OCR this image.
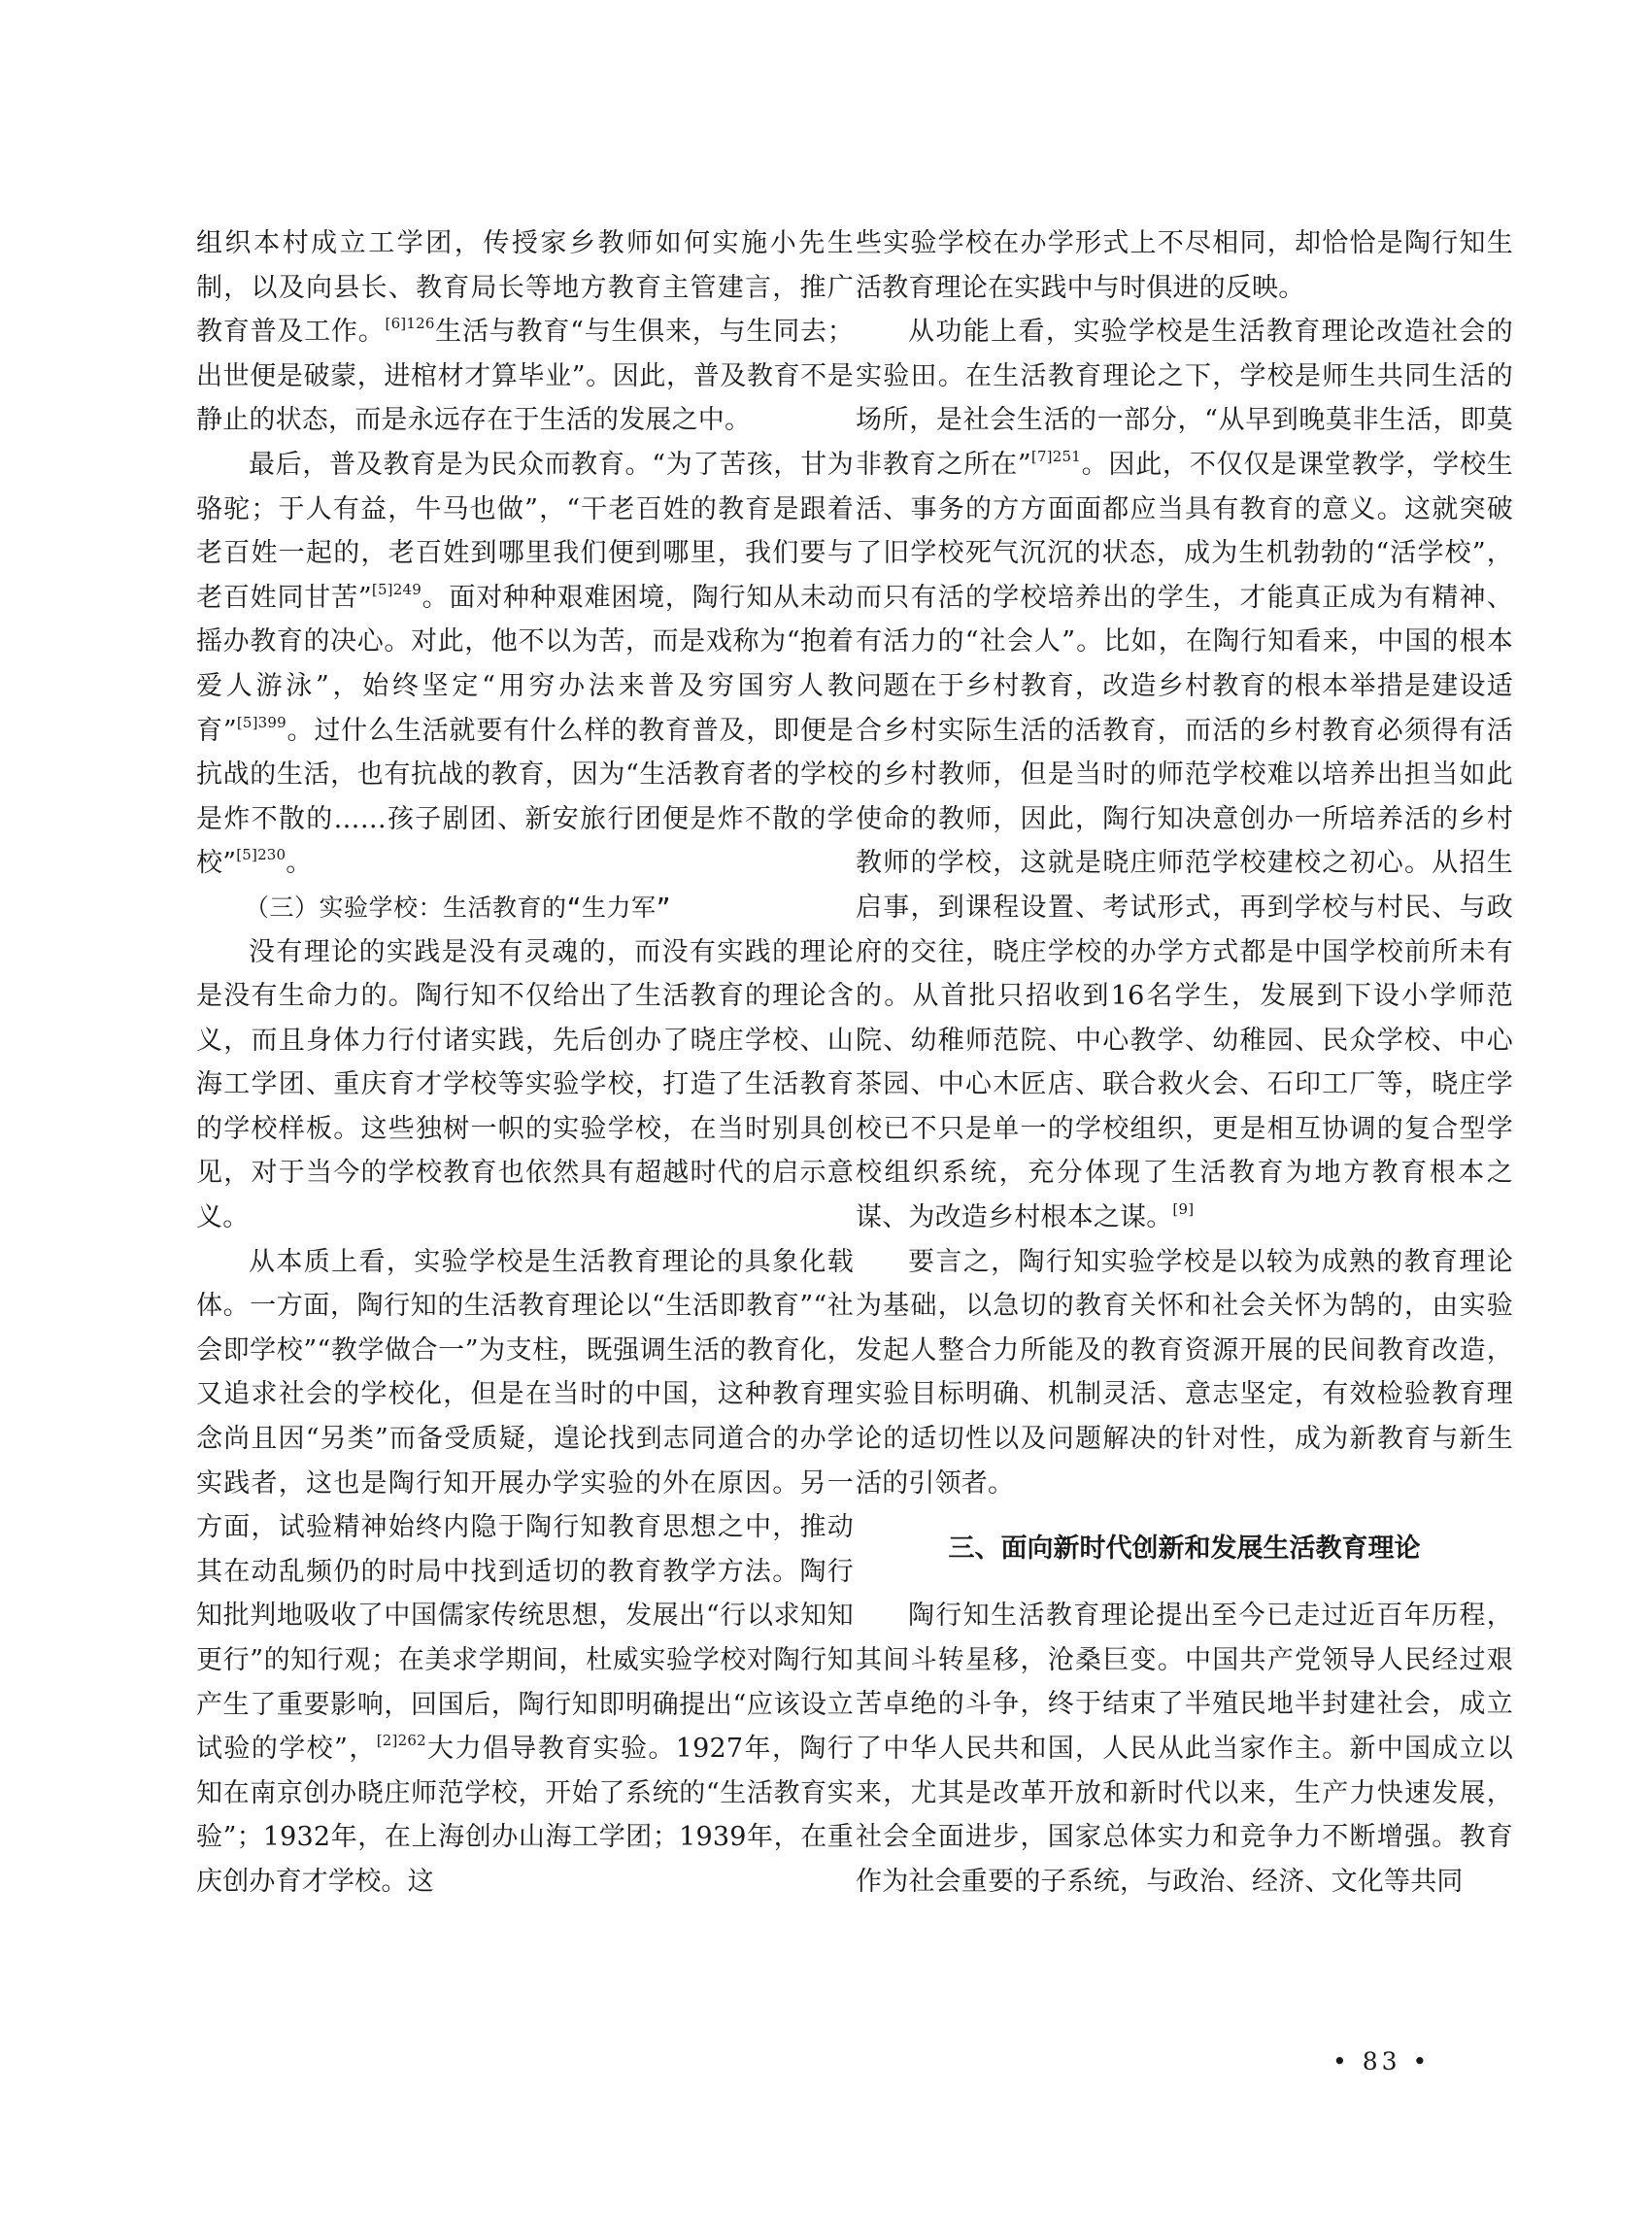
组织本村成立工学团，传授家乡教师如何实施小先生制，以及向县长、教育局长等地方教育主管建言，推广教育普及工作。$^{[6]126}$生活与教育“与生俱来，与生同去；出世便是破蒙，进棺材才算毕业”。因此，普及教育不是静止的状态，而是永远存在于生活的发展之中。

最后，普及教育是为民众而教育。“为了苦孩，甘为骆驼；于人有益，牛马也做”，“干老百姓的教育是跟着老百姓一起的，老百姓到哪里我们便到哪里，我们要与老百姓同甘苦”$^{[5]249}$。面对种种艰难困境，陶行知从未动摇办教育的决心。对此，他不以为苦，而是戏称为“抱着爱人游泳”，始终坚定“用穷办法来普及穷国穷人教育”$^{[5]399}$。过什么生活就要有什么样的教育普及，即便是抗战的生活，也有抗战的教育，因为“生活教育者的学校是炸不散的……孩子剧团、新安旅行团便是炸不散的学校”$^{[5]230}$。

（三）实验学校：生活教育的“生力军”

没有理论的实践是没有灵魂的，而没有实践的理论是没有生命力的。陶行知不仅给出了生活教育的理论含义，而且身体力行付诸实践，先后创办了晓庄学校、山海工学团、重庆育才学校等实验学校，打造了生活教育的学校样板。这些独树一帜的实验学校，在当时别具创见，对于当今的学校教育也依然具有超越时代的启示意义。

从本质上看，实验学校是生活教育理论的具象化载体。一方面，陶行知的生活教育理论以“生活即教育”“社会即学校”“教学做合一”为支柱，既强调生活的教育化，又追求社会的学校化，但是在当时的中国，这种教育理念尚且因“另类”而备受质疑，遑论找到志同道合的办学实践者，这也是陶行知开展办学实验的外在原因。另一方面，试验精神始终内隐于陶行知教育思想之中，推动其在动乱频仍的时局中找到适切的教育教学方法。陶行知批判地吸收了中国儒家传统思想，发展出“行以求知知更行”的知行观；在美求学期间，杜威实验学校对陶行知产生了重要影响，回国后，陶行知即明确提出“应该设立试验的学校”，$^{[2]262}$大力倡导教育实验。1927年，陶行知在南京创办晓庄师范学校，开始了系统的“生活教育实验”；1932年，在上海创办山海工学团；1939年，在重庆创办育才学校。这

些实验学校在办学形式上不尽相同，却恰恰是陶行知生活教育理论在实践中与时俱进的反映。

从功能上看，实验学校是生活教育理论改造社会的实验田。在生活教育理论之下，学校是师生共同生活的场所，是社会生活的一部分，“从早到晚莫非生活，即莫非教育之所在”$^{[7]251}$。因此，不仅仅是课堂教学，学校生活、事务的方方面面都应当具有教育的意义。这就突破了旧学校死气沉沉的状态，成为生机勃勃的“活学校”，而只有活的学校培养出的学生，才能真正成为有精神、有活力的“社会人”。比如，在陶行知看来，中国的根本问题在于乡村教育，改造乡村教育的根本举措是建设适合乡村实际生活的活教育，而活的乡村教育必须得有活的乡村教师，但是当时的师范学校难以培养出担当如此使命的教师，因此，陶行知决意创办一所培养活的乡村教师的学校，这就是晓庄师范学校建校之初心。从招生启事，到课程设置、考试形式，再到学校与村民、与政府的交往，晓庄学校的办学方式都是中国学校前所未有的。从首批只招收到16名学生，发展到下设小学师范院、幼稚师范院、中心教学、幼稚园、民众学校、中心茶园、中心木匠店、联合救火会、石印工厂等，晓庄学校已不只是单一的学校组织，更是相互协调的复合型学校组织系统，充分体现了生活教育为地方教育根本之谋、为改造乡村根本之谋。[9]

要言之，陶行知实验学校是以较为成熟的教育理论为基础，以急切的教育关怀和社会关怀为鹄的，由实验发起人整合力所能及的教育资源开展的民间教育改造，实验目标明确、机制灵活、意志坚定，有效检验教育理论的适切性以及问题解决的针对性，成为新教育与新生活的引领者。

三、面向新时代创新和发展生活教育理论

陶行知生活教育理论提出至今已走过近百年历程，其间斗转星移，沧桑巨变。中国共产党领导人民经过艰苦卓绝的斗争，终于结束了半殖民地半封建社会，成立了中华人民共和国，人民从此当家作主。新中国成立以来，尤其是改革开放和新时代以来，生产力快速发展，社会全面进步，国家总体实力和竞争力不断增强。教育作为社会重要的子系统，与政治、经济、文化等共同

• 83 •
